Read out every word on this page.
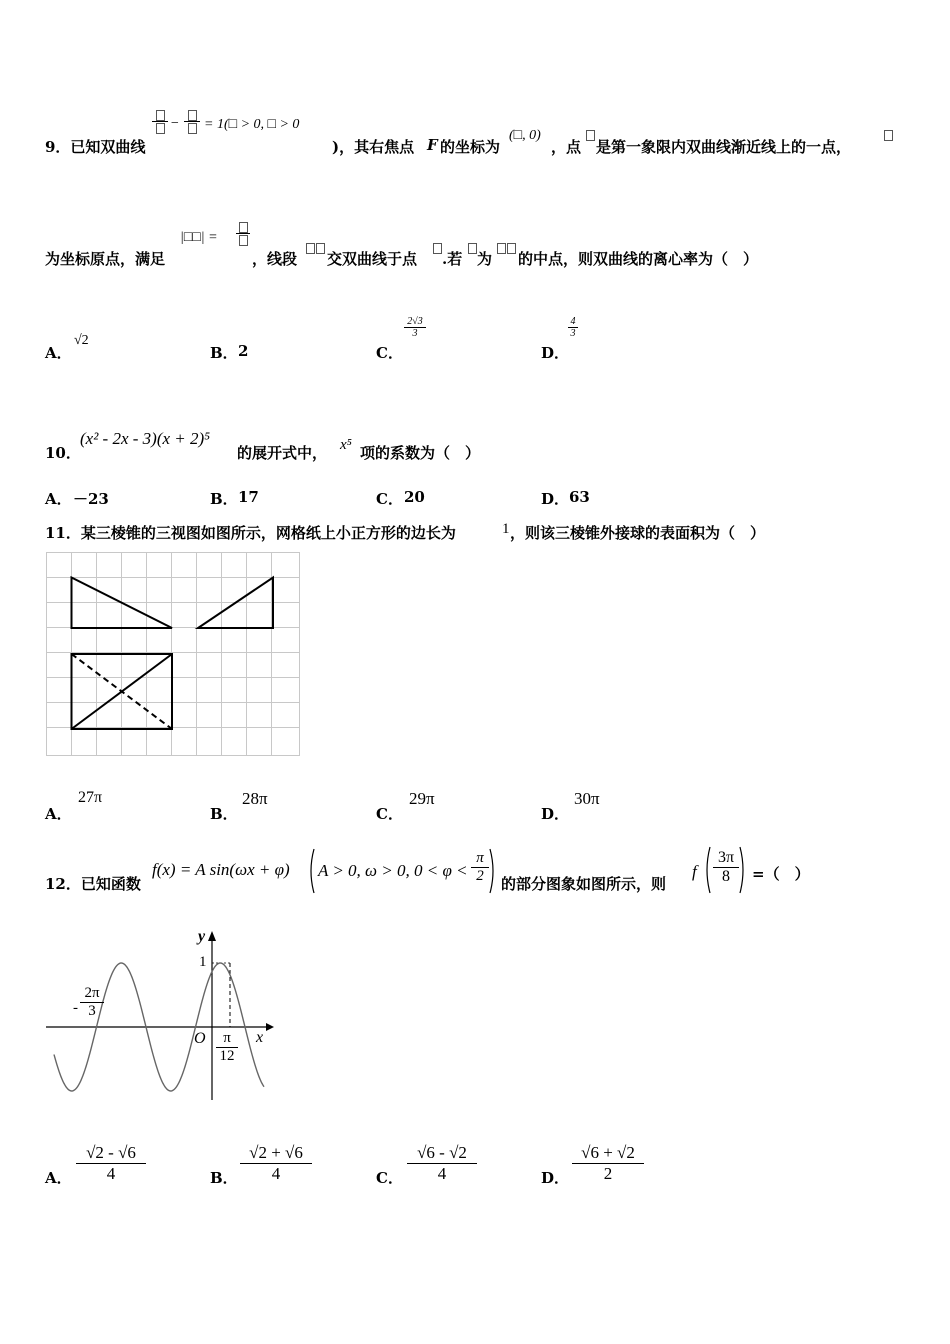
− = 1(□ > 0, □ > 0
9．已知双曲线	)，其右焦点 F 的坐标为
(□, 0)
，点 是第一象限内双曲线渐近线上的一点，
为坐标原点，满足
|□□| =
，线段 交双曲线于点 .若 为 的中点，则双曲线的离心率为（　）
A．
√2
B． 2	C．
$\frac{2√3}{3}$
D．
$\frac{4}{3}$
10．
(x² - 2x - 3)(x + 2)⁵
的展开式中， x⁵ 项的系数为（　）
A． －23	B． 17	C． 20	D． 63
11．某三棱锥的三视图如图所示，网格纸上小正方形的边长为	1 ，则该三棱锥外接球的表面积为（　）
A．
27π
B．
28π
C．
29π
D．
30π
12．已知函数
f(x) = A sin(ωx + φ) A > 0, ω > 0, $0 < \varphi < \frac{\pi}{2}$ 的部分图象如图所示，则
f $\frac{3\pi}{8}$ =（　）
y
x
1
O
- $\frac{2\pi}{3}$
$\frac{\pi}{12}$
A． $\frac{√2 - √6}{4}$	B． $\frac{√2 + √6}{4}$	C． $\frac{√6 - √2}{4}$	D． $\frac{√6 + √2}{2}$
